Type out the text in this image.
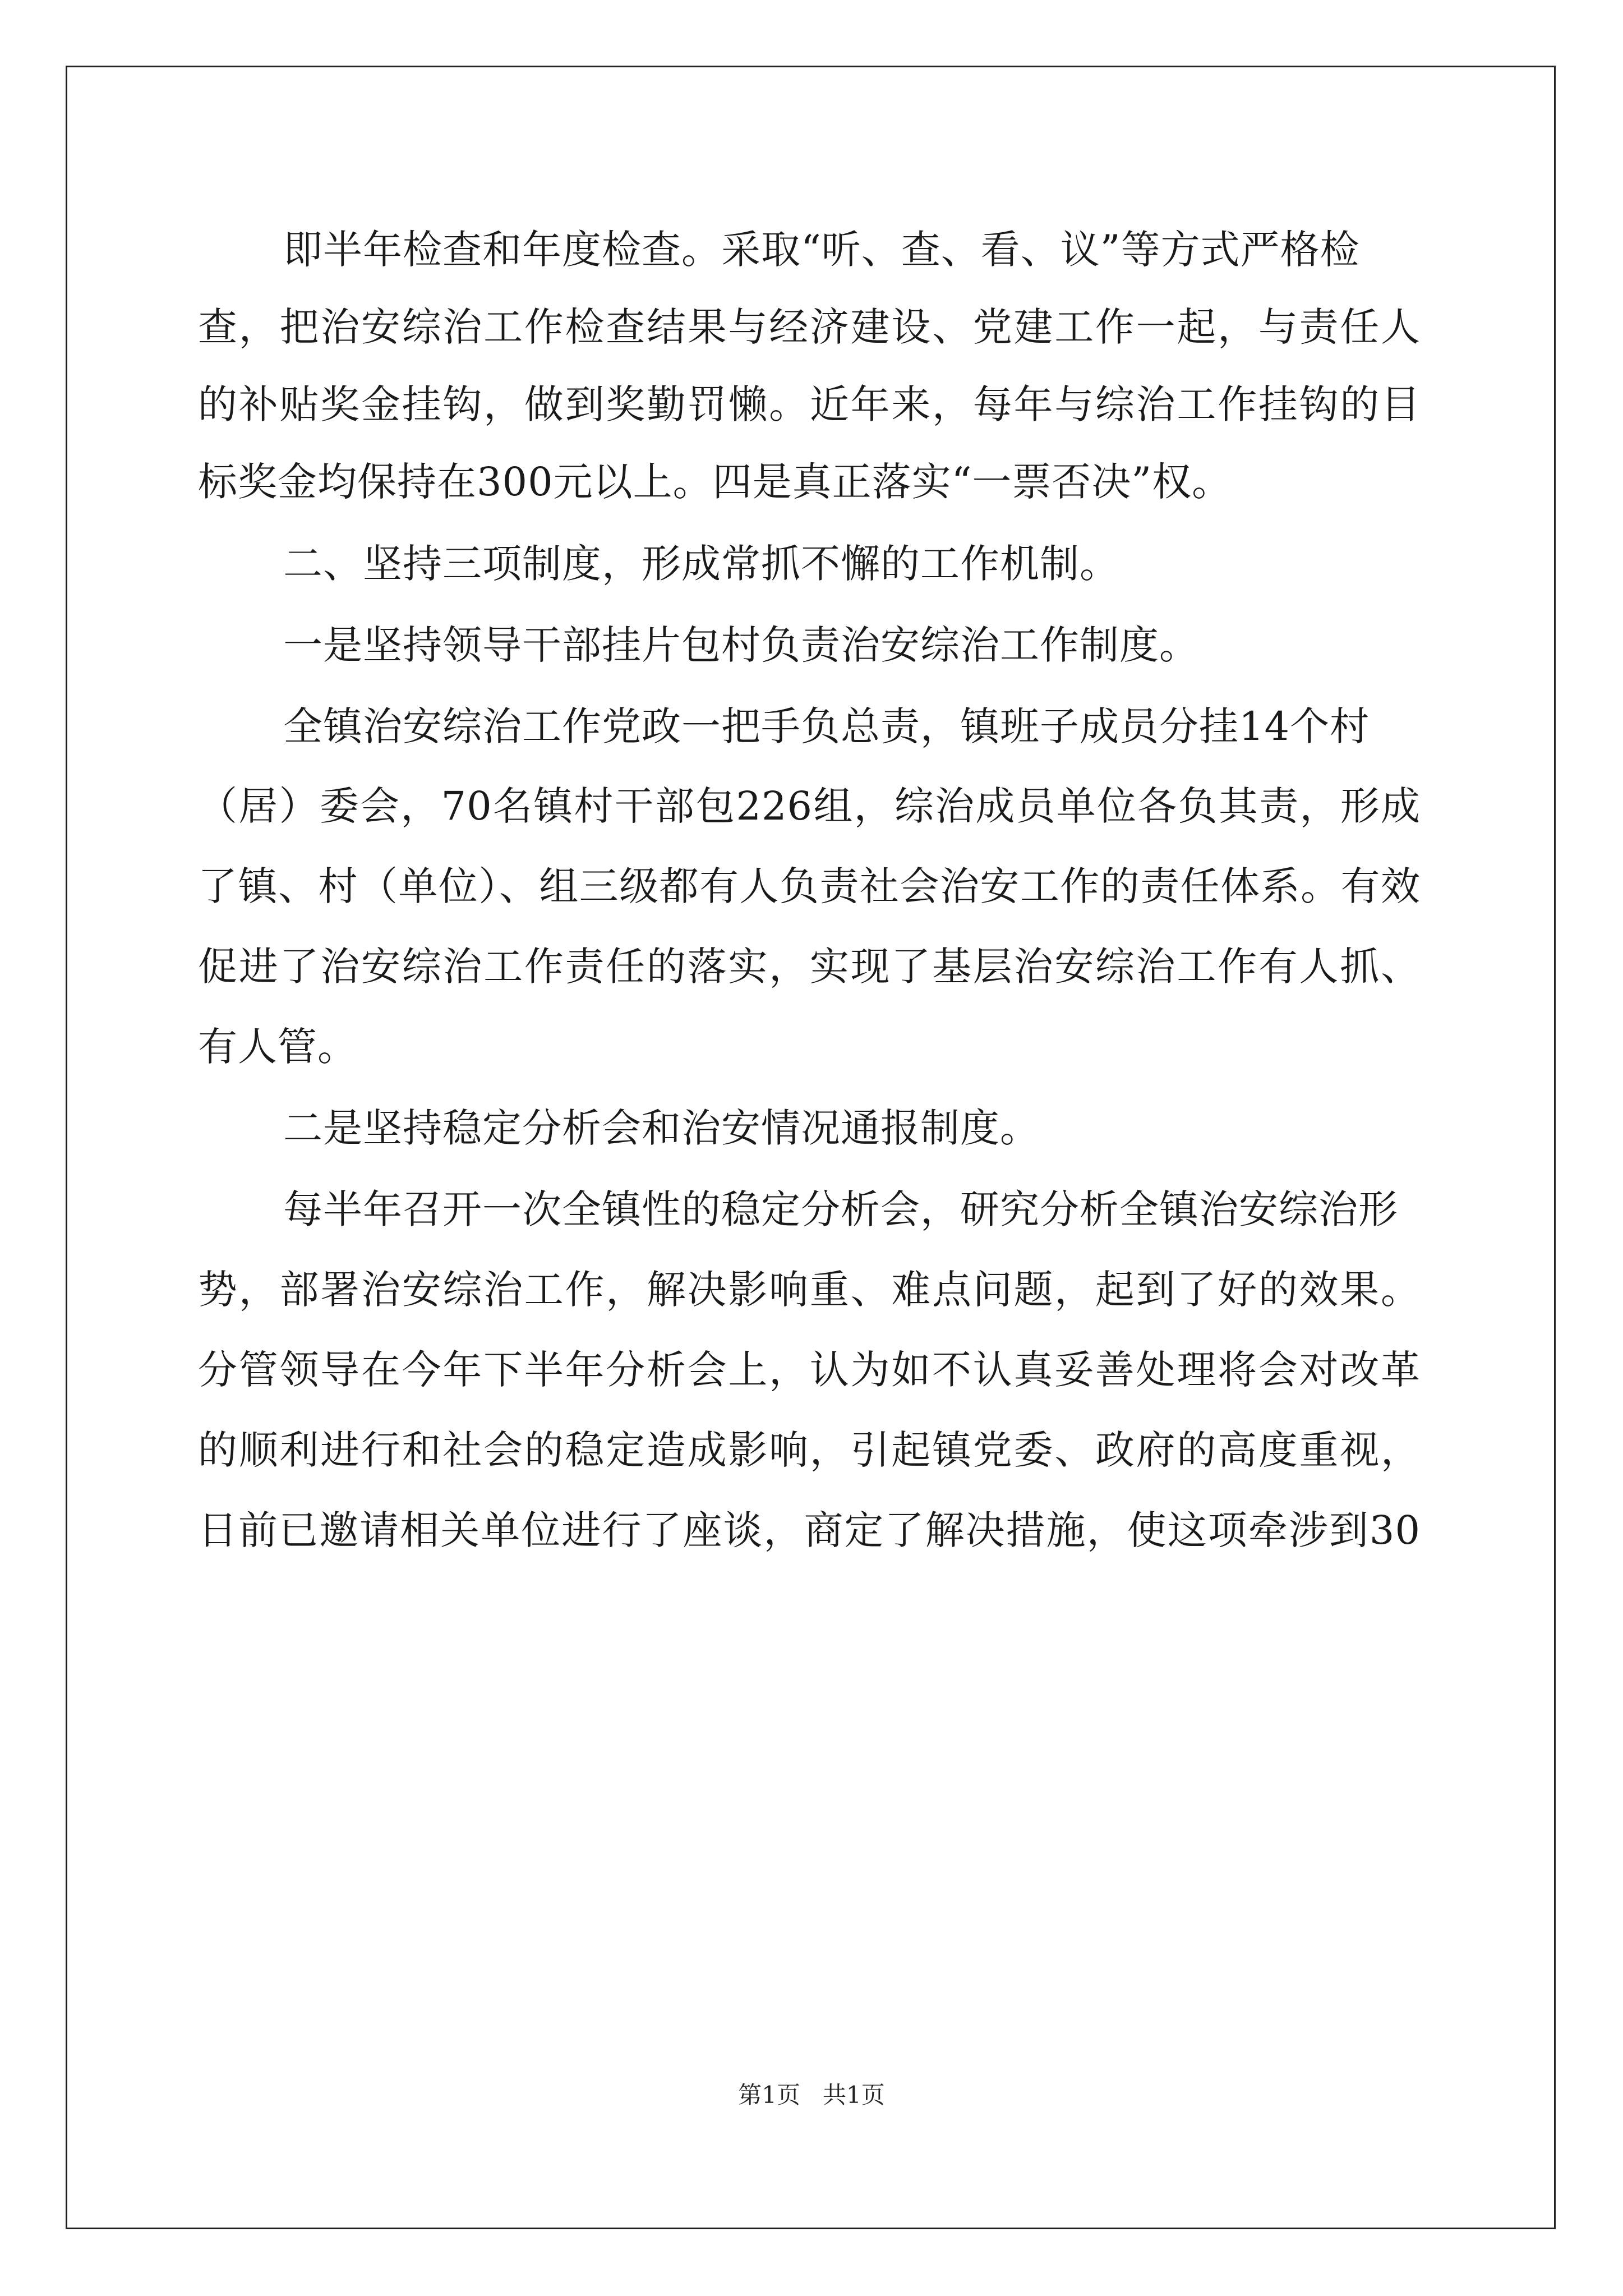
即半年检查和年度检查。采取“听、查、看、议”等方式严格检
查，把治安综治工作检查结果与经济建设、党建工作一起，与责任人
的补贴奖金挂钩，做到奖勤罚懒。近年来，每年与综治工作挂钩的目
标奖金均保持在300元以上。四是真正落实“一票否决”权。
二、坚持三项制度，形成常抓不懈的工作机制。
一是坚持领导干部挂片包村负责治安综治工作制度。
全镇治安综治工作党政一把手负总责，镇班子成员分挂14个村
（居）委会，70名镇村干部包226组，综治成员单位各负其责，形成
了镇、村（单位）、组三级都有人负责社会治安工作的责任体系。有效
促进了治安综治工作责任的落实，实现了基层治安综治工作有人抓、
有人管。
二是坚持稳定分析会和治安情况通报制度。
每半年召开一次全镇性的稳定分析会，研究分析全镇治安综治形
势，部署治安综治工作，解决影响重、难点问题，起到了好的效果。
分管领导在今年下半年分析会上，认为如不认真妥善处理将会对改革
的顺利进行和社会的稳定造成影响，引起镇党委、政府的高度重视，
日前已邀请相关单位进行了座谈，商定了解决措施，使这项牵涉到30
第1页   共1页
